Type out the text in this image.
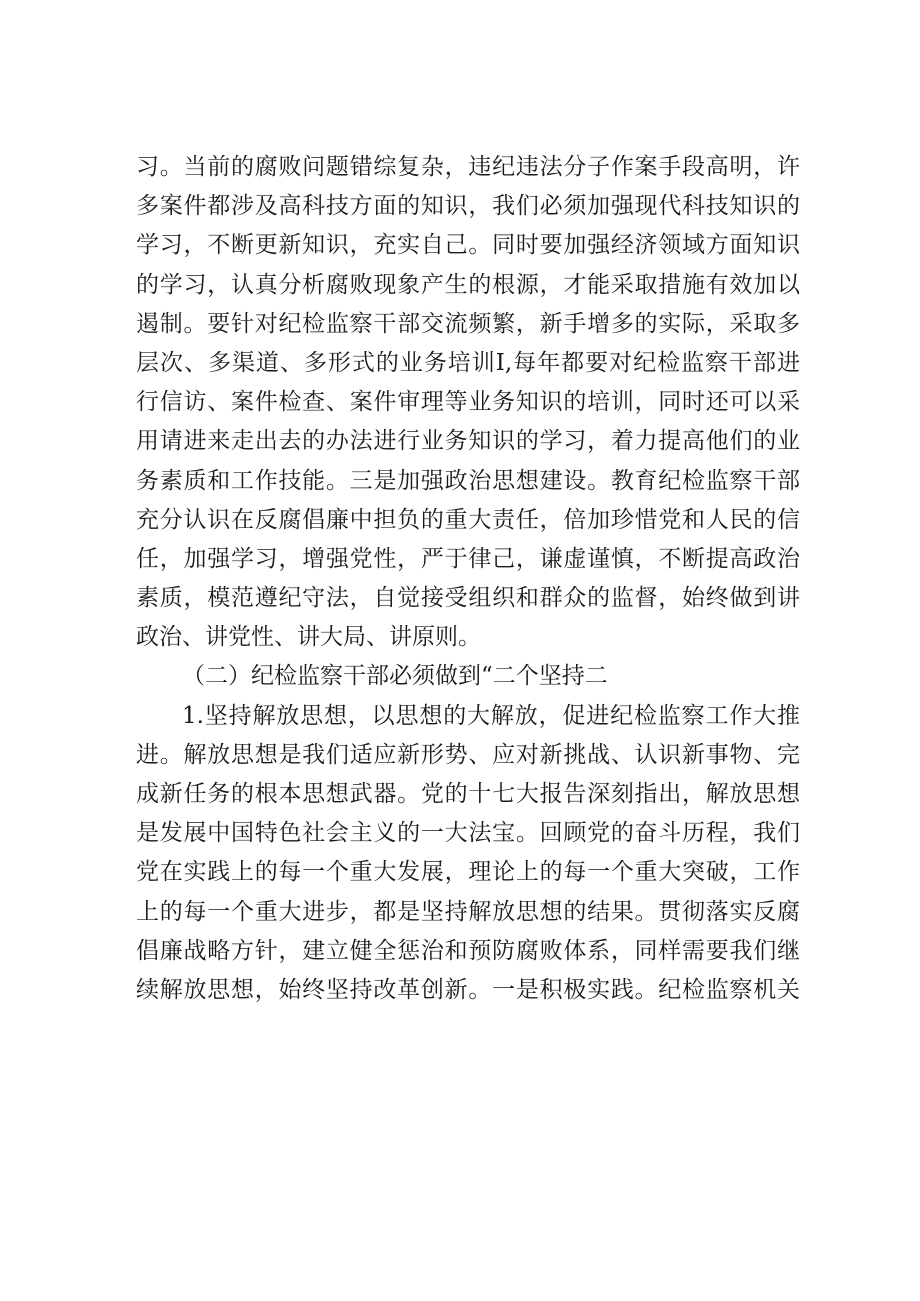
习。当前的腐败问题错综复杂，违纪违法分子作案手段高明，许
多案件都涉及高科技方面的知识，我们必须加强现代科技知识的
学习，不断更新知识，充实自己。同时要加强经济领域方面知识
的学习，认真分析腐败现象产生的根源，才能采取措施有效加以
遏制。要针对纪检监察干部交流频繁，新手增多的实际，采取多
层次、多渠道、多形式的业务培训I,每年都要对纪检监察干部进
行信访、案件检查、案件审理等业务知识的培训，同时还可以采
用请进来走出去的办法进行业务知识的学习，着力提高他们的业
务素质和工作技能。三是加强政治思想建设。教育纪检监察干部
充分认识在反腐倡廉中担负的重大责任，倍加珍惜党和人民的信
任，加强学习，增强党性，严于律己，谦虚谨慎，不断提高政治
素质，模范遵纪守法，自觉接受组织和群众的监督，始终做到讲
政治、讲党性、讲大局、讲原则。
（二）纪检监察干部必须做到“二个坚持二
1.坚持解放思想，以思想的大解放，促进纪检监察工作大推
进。解放思想是我们适应新形势、应对新挑战、认识新事物、完
成新任务的根本思想武器。党的十七大报告深刻指出，解放思想
是发展中国特色社会主义的一大法宝。回顾党的奋斗历程，我们
党在实践上的每一个重大发展，理论上的每一个重大突破，工作
上的每一个重大进步，都是坚持解放思想的结果。贯彻落实反腐
倡廉战略方针，建立健全惩治和预防腐败体系，同样需要我们继
续解放思想，始终坚持改革创新。一是积极实践。纪检监察机关
